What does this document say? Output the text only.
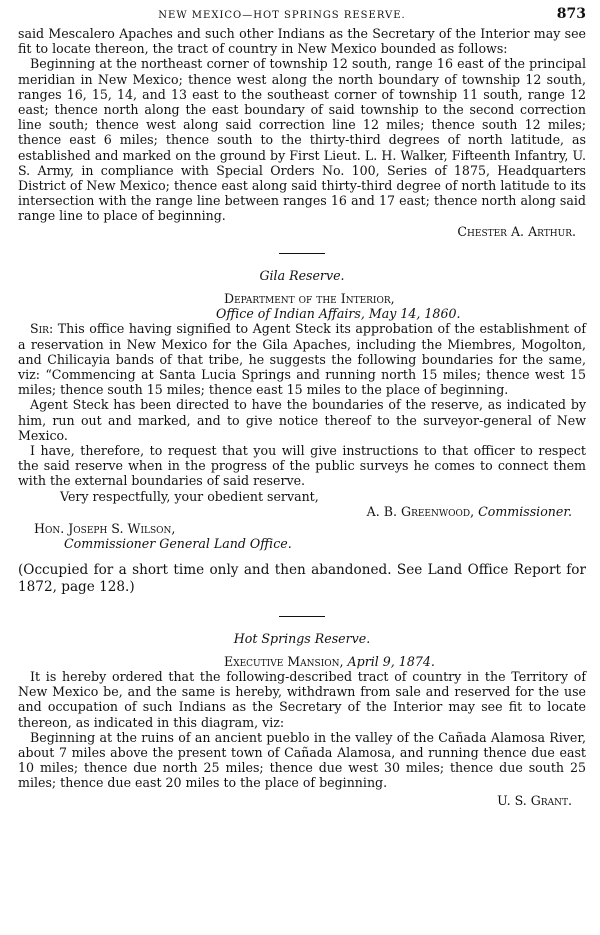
NEW MEXICO—HOT SPRINGS RESERVE.	873

said Mescalero Apaches and such other Indians as the Secretary of the Interior may see fit to locate thereon, the tract of country in New Mexico bounded as follows:

Beginning at the northeast corner of township 12 south, range 16 east of the principal meridian in New Mexico; thence west along the north boundary of township 12 south, ranges 16, 15, 14, and 13 east to the southeast corner of township 11 south, range 12 east; thence north along the east boundary of said township to the second correction line south; thence west along said correction line 12 miles; thence south 12 miles; thence east 6 miles; thence south to the thirty-third degrees of north latitude, as established and marked on the ground by First Lieut. L. H. Walker, Fifteenth Infantry, U. S. Army, in compliance with Special Orders No. 100, Series of 1875, Headquarters District of New Mexico; thence east along said thirty-third degree of north latitude to its intersection with the range line between ranges 16 and 17 east; thence north along said range line to place of beginning.

Chester A. Arthur.

Gila Reserve.

Department of the Interior,

Office of Indian Affairs, May 14, 1860.

Sir: This office having signified to Agent Steck its approbation of the establishment of a reservation in New Mexico for the Gila Apaches, including the Miembres, Mogolton, and Chilicayia bands of that tribe, he suggests the following boundaries for the same, viz: “Commencing at Santa Lucia Springs and running north 15 miles; thence west 15 miles; thence south 15 miles; thence east 15 miles to the place of beginning.

Agent Steck has been directed to have the boundaries of the reserve, as indicated by him, run out and marked, and to give notice thereof to the surveyor-general of New Mexico.

I have, therefore, to request that you will give instructions to that officer to respect the said reserve when in the progress of the public surveys he comes to connect them with the external boundaries of said reserve.

Very respectfully, your obedient servant,

A. B. Greenwood, Commissioner.

Hon. Joseph S. Wilson,

Commissioner General Land Office.

(Occupied for a short time only and then abandoned. See Land Office Report for 1872, page 128.)

Hot Springs Reserve.

Executive Mansion, April 9, 1874.

It is hereby ordered that the following-described tract of country in the Territory of New Mexico be, and the same is hereby, withdrawn from sale and reserved for the use and occupation of such Indians as the Secretary of the Interior may see fit to locate thereon, as indicated in this diagram, viz:

Beginning at the ruins of an ancient pueblo in the valley of the Cañada Alamosa River, about 7 miles above the present town of Cañada Alamosa, and running thence due east 10 miles; thence due north 25 miles; thence due west 30 miles; thence due south 25 miles; thence due east 20 miles to the place of beginning.

U. S. Grant.
